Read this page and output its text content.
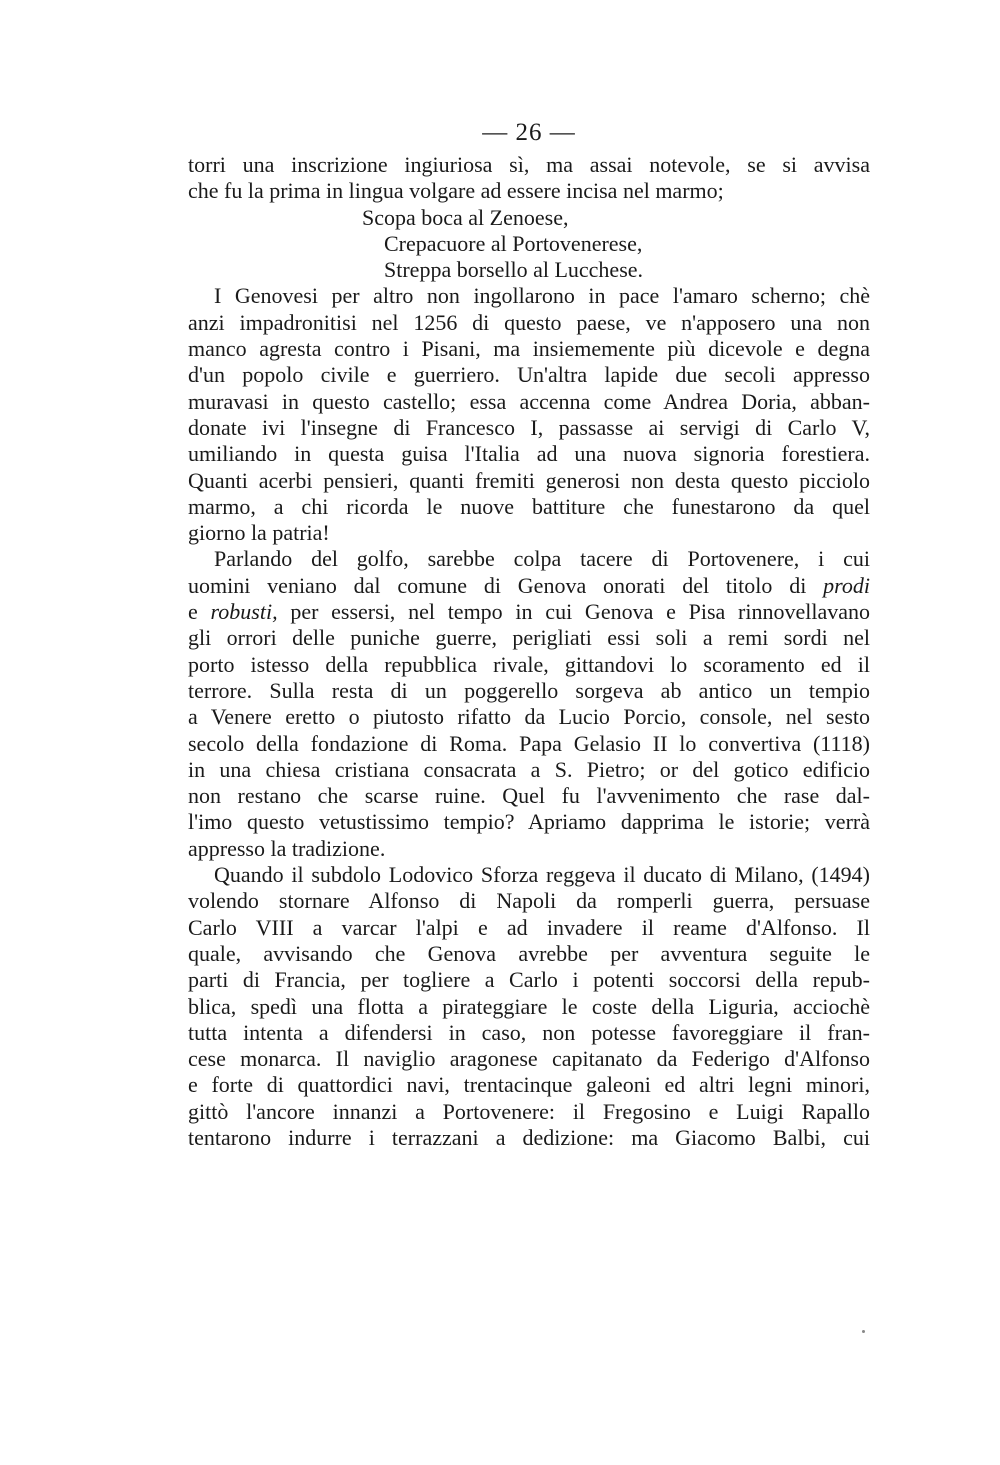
— 26 —

torri una inscrizione ingiuriosa sì, ma assai notevole, se si avvisa
che fu la prima in lingua volgare ad essere incisa nel marmo;

Scopa boca al Zenoese,
Crepacuore al Portovenerese,
Streppa borsello al Lucchese.

I Genovesi per altro non ingollarono in pace l'amaro scherno; chè
anzi impadronitisi nel 1256 di questo paese, ve n'apposero una non
manco agresta contro i Pisani, ma insiememente più dicevole e degna
d'un popolo civile e guerriero. Un'altra lapide due secoli appresso
muravasi in questo castello; essa accenna come Andrea Doria, abban-
donate ivi l'insegne di Francesco I, passasse ai servigi di Carlo V,
umiliando in questa guisa l'Italia ad una nuova signoria forestiera.
Quanti acerbi pensieri, quanti fremiti generosi non desta questo picciolo
marmo, a chi ricorda le nuove battiture che funestarono da quel
giorno la patria!

Parlando del golfo, sarebbe colpa tacere di Portovenere, i cui
uomini veniano dal comune di Genova onorati del titolo di prodi
e robusti, per essersi, nel tempo in cui Genova e Pisa rinnovellavano
gli orrori delle puniche guerre, perigliati essi soli a remi sordi nel
porto istesso della repubblica rivale, gittandovi lo scoramento ed il
terrore. Sulla resta di un poggerello sorgeva ab antico un tempio
a Venere eretto o piutosto rifatto da Lucio Porcio, console, nel sesto
secolo della fondazione di Roma. Papa Gelasio II lo convertiva (1118)
in una chiesa cristiana consacrata a S. Pietro; or del gotico edificio
non restano che scarse ruine. Quel fu l'avvenimento che rase dal-
l'imo questo vetustissimo tempio? Apriamo dapprima le istorie; verrà
appresso la tradizione.

Quando il subdolo Lodovico Sforza reggeva il ducato di Milano, (1494)
volendo stornare Alfonso di Napoli da romperli guerra, persuase
Carlo VIII a varcar l'alpi e ad invadere il reame d'Alfonso. Il
quale, avvisando che Genova avrebbe per avventura seguite le
parti di Francia, per togliere a Carlo i potenti soccorsi della repub-
blica, spedì una flotta a pirateggiare le coste della Liguria, acciochè
tutta intenta a difendersi in caso, non potesse favoreggiare il fran-
cese monarca. Il naviglio aragonese capitanato da Federigo d'Alfonso
e forte di quattordici navi, trentacinque galeoni ed altri legni minori,
gittò l'ancore innanzi a Portovenere: il Fregosino e Luigi Rapallo
tentarono indurre i terrazzani a dedizione: ma Giacomo Balbi, cui
